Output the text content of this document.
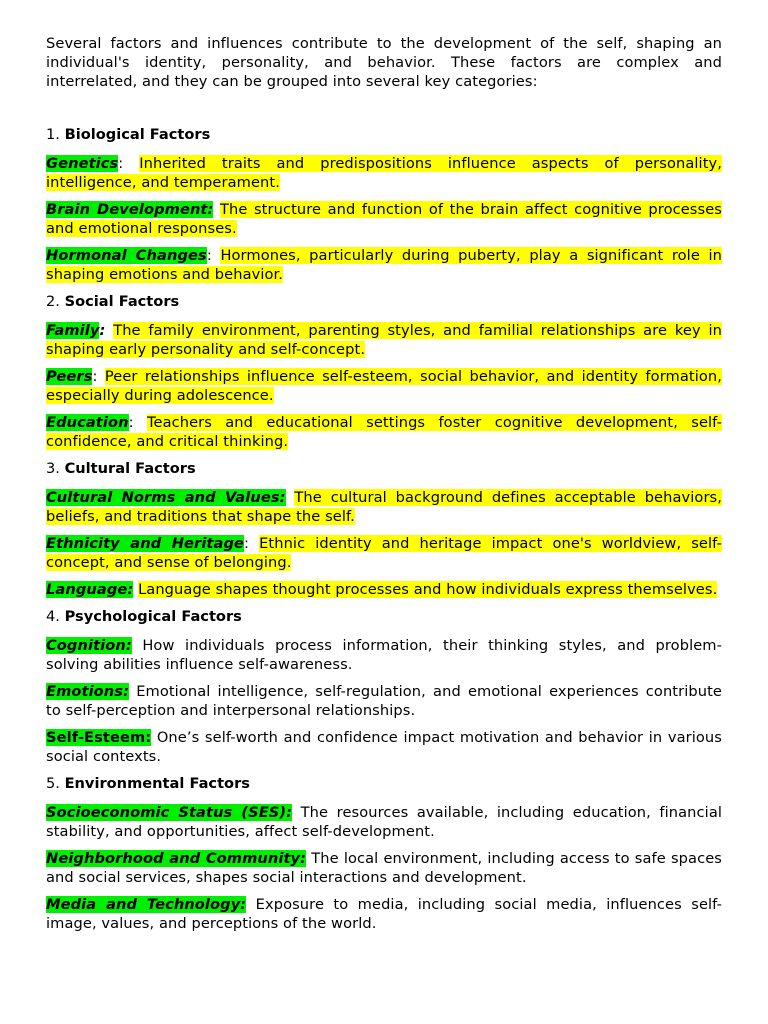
Several factors and influences contribute to the development of the self, shaping an individual's identity, personality, and behavior. These factors are complex and interrelated, and they can be grouped into several key categories:

1. Biological Factors

Genetics: Inherited traits and predispositions influence aspects of personality, intelligence, and temperament.

Brain Development: The structure and function of the brain affect cognitive processes and emotional responses.

Hormonal Changes: Hormones, particularly during puberty, play a significant role in shaping emotions and behavior.

2. Social Factors

Family: The family environment, parenting styles, and familial relationships are key in shaping early personality and self-concept.

Peers: Peer relationships influence self-esteem, social behavior, and identity formation, especially during adolescence.

Education: Teachers and educational settings foster cognitive development, self-confidence, and critical thinking.

3. Cultural Factors

Cultural Norms and Values: The cultural background defines acceptable behaviors, beliefs, and traditions that shape the self.

Ethnicity and Heritage: Ethnic identity and heritage impact one's worldview, self-concept, and sense of belonging.

Language: Language shapes thought processes and how individuals express themselves.

4. Psychological Factors

Cognition: How individuals process information, their thinking styles, and problem-solving abilities influence self-awareness.

Emotions: Emotional intelligence, self-regulation, and emotional experiences contribute to self-perception and interpersonal relationships.

Self-Esteem: One’s self-worth and confidence impact motivation and behavior in various social contexts.

5. Environmental Factors

Socioeconomic Status (SES): The resources available, including education, financial stability, and opportunities, affect self-development.

Neighborhood and Community: The local environment, including access to safe spaces and social services, shapes social interactions and development.

Media and Technology: Exposure to media, including social media, influences self-image, values, and perceptions of the world.
